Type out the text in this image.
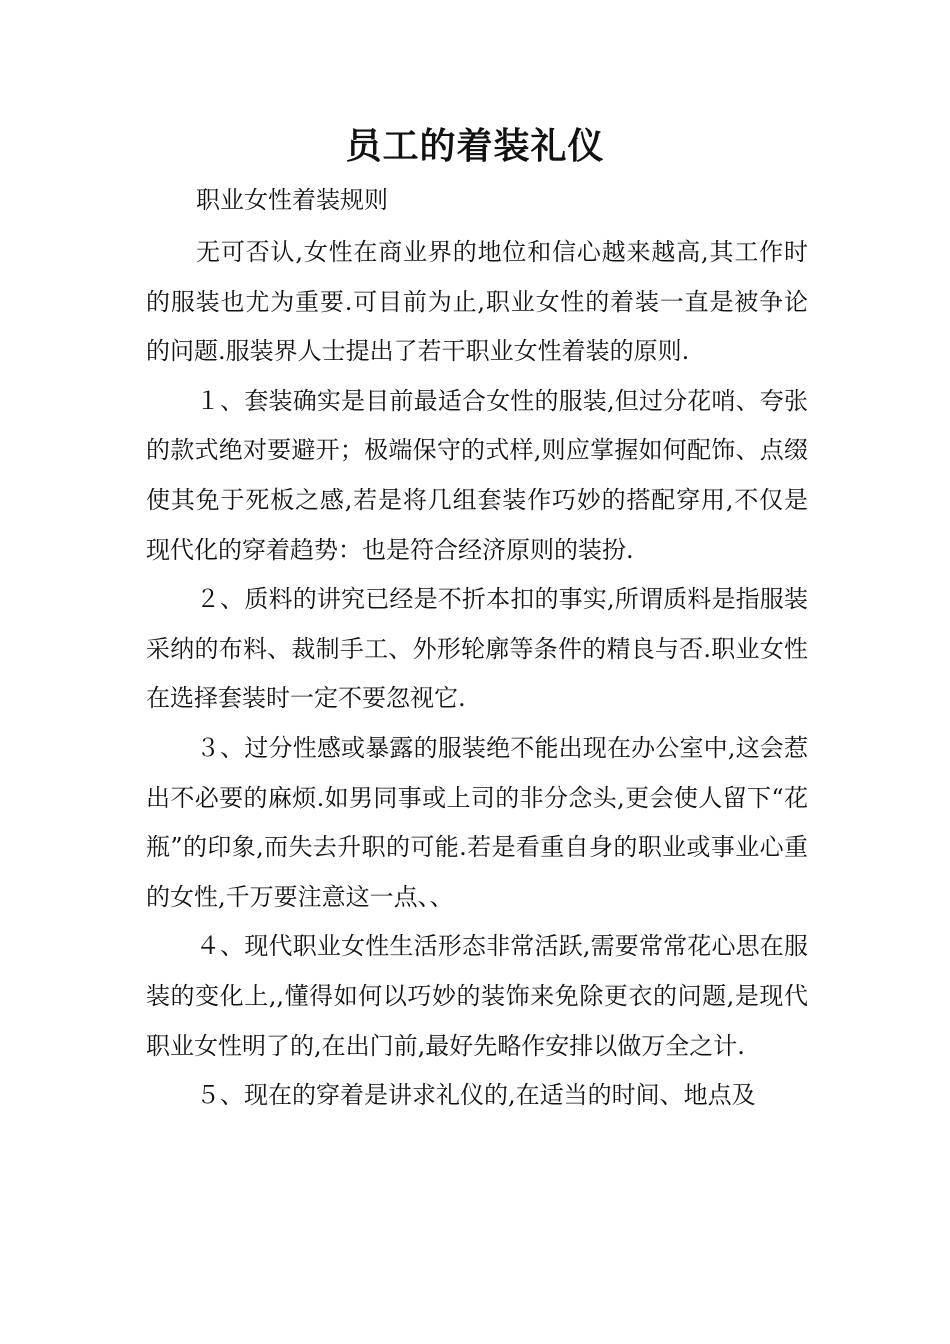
员工的着装礼仪
职业女性着装规则

无可否认,女性在商业界的地位和信心越来越高,其工作时的服装也尤为重要.可目前为止,职业女性的着装一直是被争论的问题.服装界人士提出了若干职业女性着装的原则.

１、套装确实是目前最适合女性的服装,但过分花哨、夸张的款式绝对要避开；极端保守的式样,则应掌握如何配饰、点缀使其免于死板之感,若是将几组套装作巧妙的搭配穿用,不仅是现代化的穿着趋势：也是符合经济原则的装扮.

２、质料的讲究已经是不折本扣的事实,所谓质料是指服装采纳的布料、裁制手工、外形轮廓等条件的精良与否.职业女性在选择套装时一定不要忽视它.

３、过分性感或暴露的服装绝不能出现在办公室中,这会惹出不必要的麻烦.如男同事或上司的非分念头,更会使人留下“花瓶”的印象,而失去升职的可能.若是看重自身的职业或事业心重的女性,千万要注意这一点、、

４、现代职业女性生活形态非常活跃,需要常常花心思在服装的变化上,,懂得如何以巧妙的装饰来免除更衣的问题,是现代职业女性明了的,在出门前,最好先略作安排以做万全之计.

５、现在的穿着是讲求礼仪的,在适当的时间、地点及
